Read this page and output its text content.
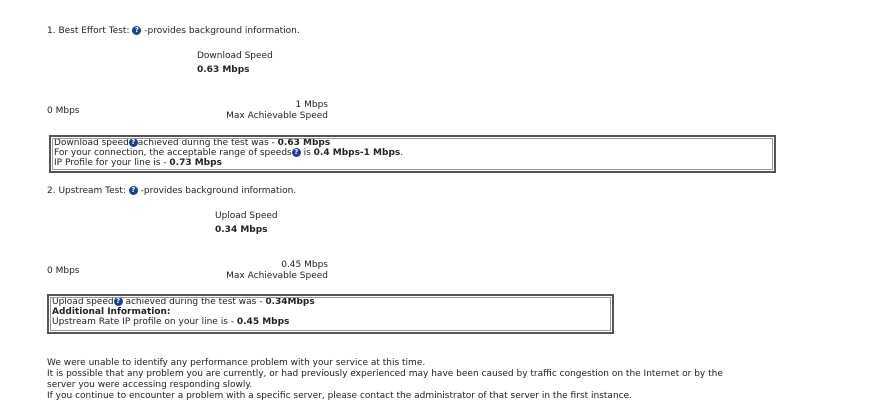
1. Best Effort Test: ? -provides background information.
Download Speed
0.63 Mbps
0 Mbps
1 Mbps
Max Achievable Speed
Download speed ? achieved during the test was - 0.63 Mbps
For your connection, the acceptable range of speeds ? is 0.4 Mbps-1 Mbps.
IP Profile for your line is - 0.73 Mbps
2. Upstream Test: ? -provides background information.
Upload Speed
0.34 Mbps
0 Mbps
0.45 Mbps
Max Achievable Speed
Upload speed ? achieved during the test was - 0.34Mbps
Additional Information:
Upstream Rate IP profile on your line is - 0.45 Mbps
We were unable to identify any performance problem with your service at this time.
It is possible that any problem you are currently, or had previously experienced may have been caused by traffic congestion on the Internet or by the
server you were accessing responding slowly.
If you continue to encounter a problem with a specific server, please contact the administrator of that server in the first instance.
